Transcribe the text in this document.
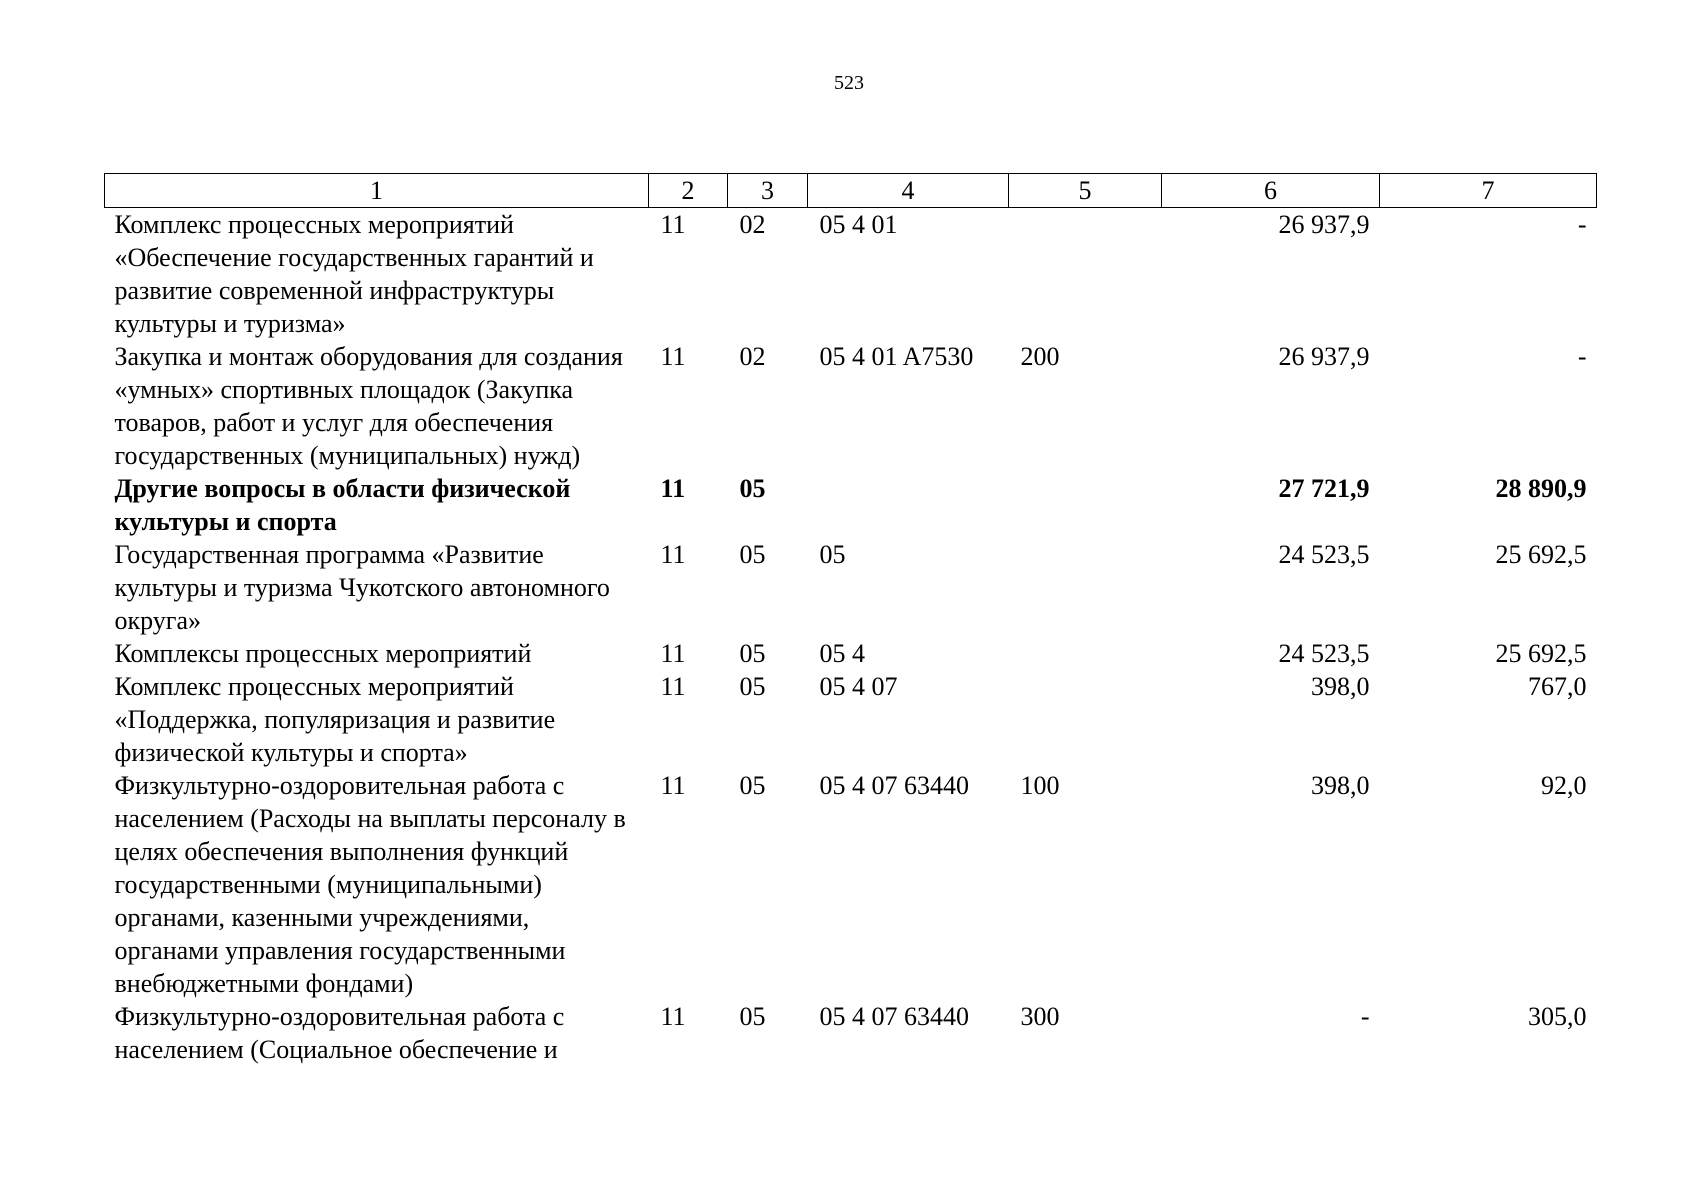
523
1	2	3	4	5	6	7
Комплекс процессных мероприятий «Обеспечение государственных гарантий и развитие современной инфраструктуры культуры и туризма»	11	02	05 4 01		26 937,9	-
Закупка и монтаж оборудования для создания «умных» спортивных площадок (Закупка товаров, работ и услуг для обеспечения государственных (муниципальных) нужд)	11	02	05 4 01 A7530	200	26 937,9	-
Другие вопросы в области физической культуры и спорта	11	05			27 721,9	28 890,9
Государственная программа «Развитие культуры и туризма Чукотского автономного округа»	11	05	05		24 523,5	25 692,5
Комплексы процессных мероприятий	11	05	05 4		24 523,5	25 692,5
Комплекс процессных мероприятий «Поддержка, популяризация и развитие физической культуры и спорта»	11	05	05 4 07		398,0	767,0
Физкультурно-оздоровительная работа с населением (Расходы на выплаты персоналу в целях обеспечения выполнения функций государственными (муниципальными) органами, казенными учреждениями, органами управления государственными внебюджетными фондами)	11	05	05 4 07 63440	100	398,0	92,0
Физкультурно-оздоровительная работа с населением (Социальное обеспечение и	11	05	05 4 07 63440	300	-	305,0
